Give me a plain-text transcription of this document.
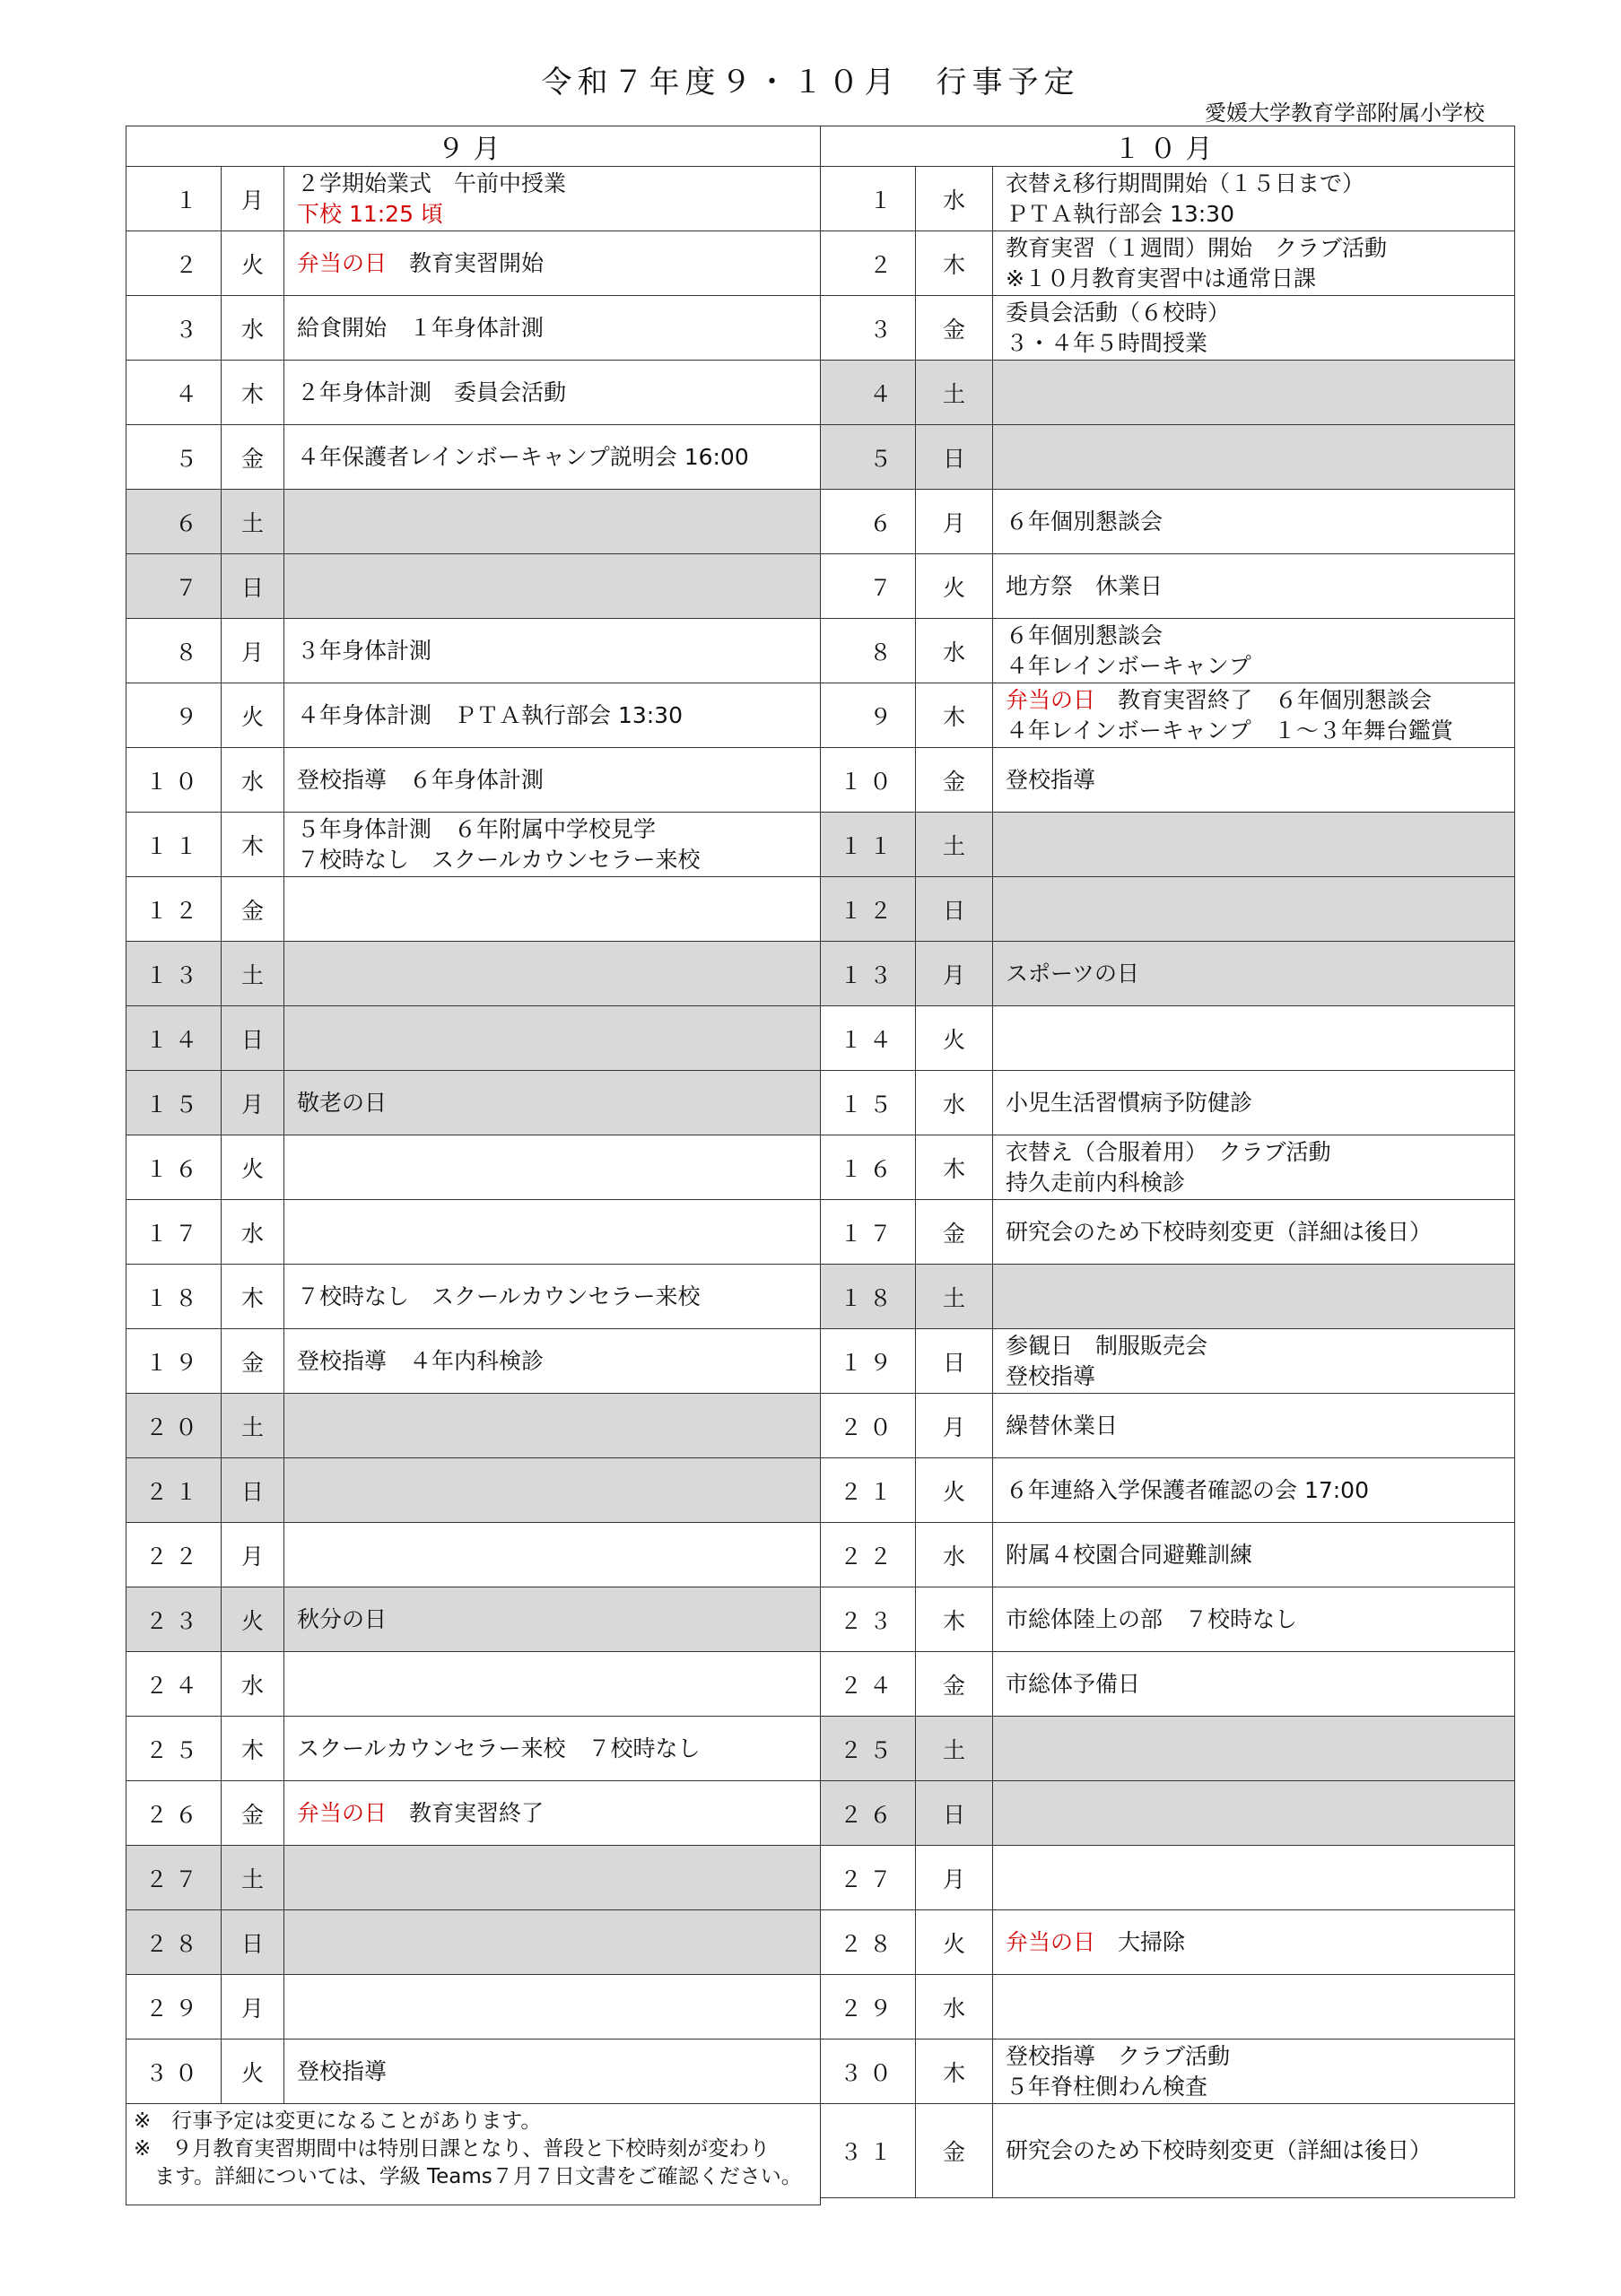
令和７年度９・１０月　行事予定
愛媛大学教育学部附属小学校
９月		
１	月	２学期始業式　午前中授業
下校 11:25 頃

２	火	弁当の日　教育実習開始

３	水	給食開始　１年身体計測

４	木	２年身体計測　委員会活動

５	金	４年保護者レインボーキャンプ説明会 16:00

６	土	
７	日	
８	月	３年身体計測

９	火	４年身体計測　ＰＴＡ執行部会 13:30

１０	水	登校指導　６年身体計測

１１	木	５年身体計測　６年附属中学校見学
７校時なし　スクールカウンセラー来校

１２	金	
１３	土	
１４	日	
１５	月	敬老の日

１６	火	
１７	水	
１８	木	７校時なし　スクールカウンセラー来校

１９	金	登校指導　４年内科検診

２０	土	
２１	日	
２２	月	
２３	火	秋分の日

２４	水	
２５	木	スクールカウンセラー来校　７校時なし

２６	金	弁当の日　教育実習終了

２７	土	
２８	日	
２９	月	
３０	火	登校指導

※　行事予定は変更になることがあります。
※　９月教育実習期間中は特別日課となり、普段と下校時刻が変わり
　ます。詳細については、学級 Teams７月７日文書をご確認ください。		
１０月		
１	水	衣替え移行期間開始（１５日まで）
ＰＴＡ執行部会 13:30

２	木	教育実習（１週間）開始　クラブ活動
※１０月教育実習中は通常日課

３	金	委員会活動（６校時）
３・４年５時間授業

４	土	
５	日	
６	月	６年個別懇談会

７	火	地方祭　休業日

８	水	６年個別懇談会
４年レインボーキャンプ

９	木	弁当の日　教育実習終了　６年個別懇談会
４年レインボーキャンプ　１～３年舞台鑑賞

１０	金	登校指導

１１	土	
１２	日	
１３	月	スポーツの日

１４	火	
１５	水	小児生活習慣病予防健診

１６	木	衣替え（合服着用）　クラブ活動
持久走前内科検診

１７	金	研究会のため下校時刻変更（詳細は後日）

１８	土	
１９	日	参観日　制服販売会
登校指導

２０	月	繰替休業日

２１	火	６年連絡入学保護者確認の会 17:00

２２	水	附属４校園合同避難訓練

２３	木	市総体陸上の部　７校時なし

２４	金	市総体予備日

２５	土	
２６	日	
２７	月	
２８	火	弁当の日　大掃除

２９	水	
３０	木	登校指導　クラブ活動
５年脊柱側わん検査

３１	金	研究会のため下校時刻変更（詳細は後日）
